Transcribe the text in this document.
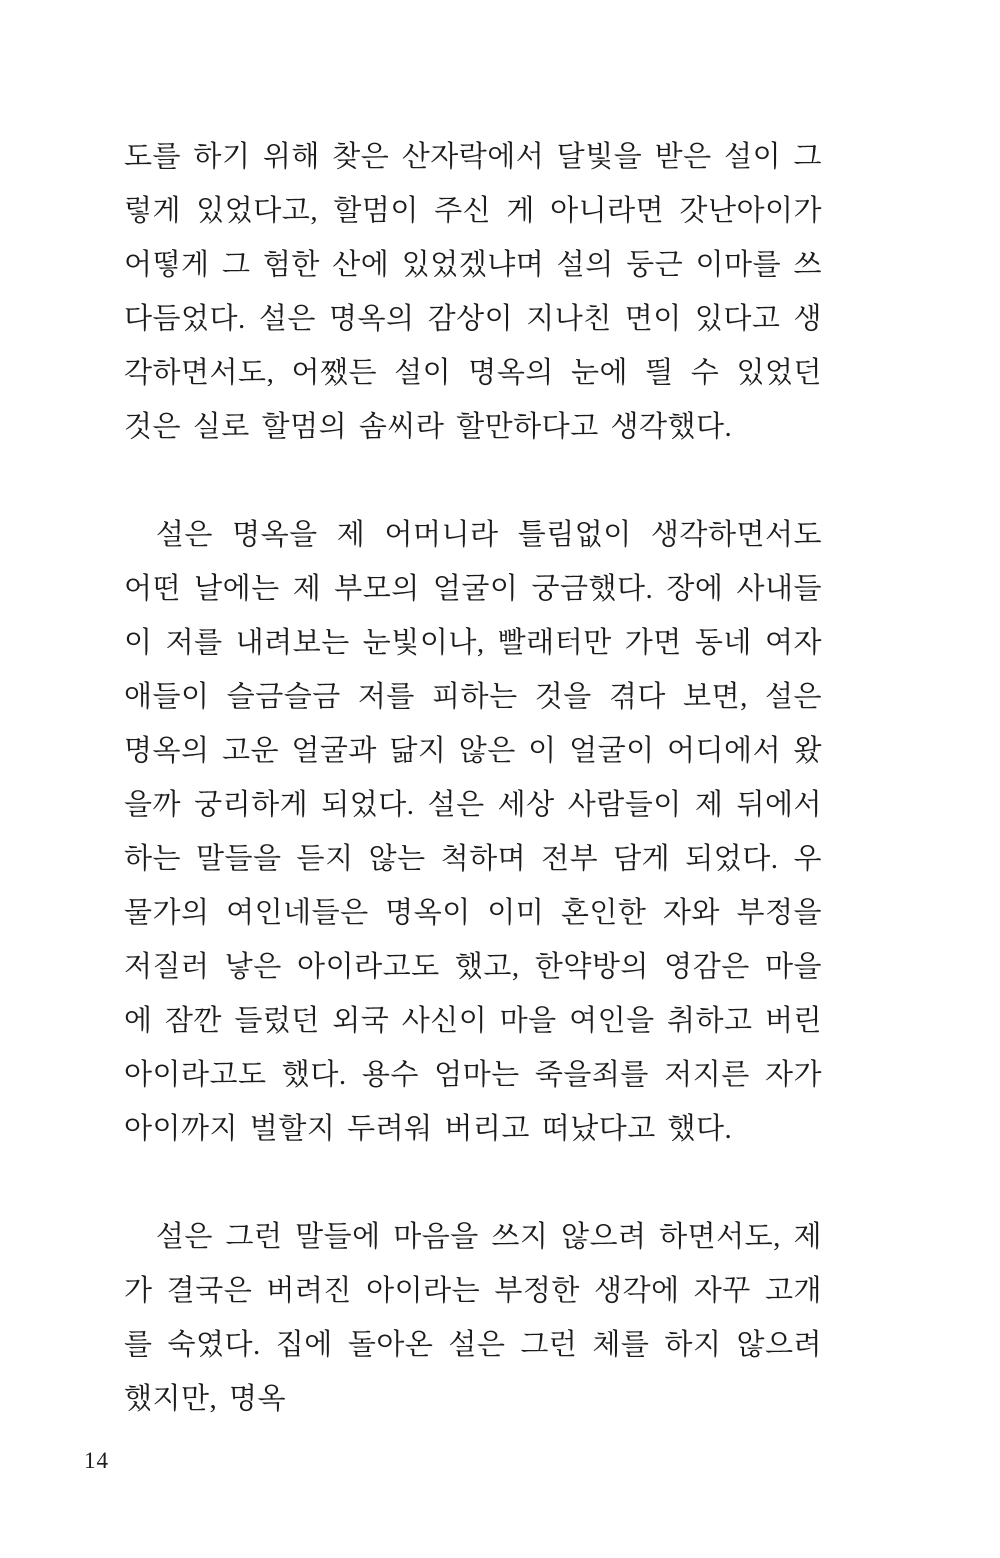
도를 하기 위해 찾은 산자락에서 달빛을 받은 설이 그렇게 있었다고, 할멈이 주신 게 아니라면 갓난아이가 어떻게 그 험한 산에 있었겠냐며 설의 둥근 이마를 쓰다듬었다. 설은 명옥의 감상이 지나친 면이 있다고 생각하면서도, 어쨌든 설이 명옥의 눈에 띌 수 있었던 것은 실로 할멈의 솜씨라 할만하다고 생각했다.

설은 명옥을 제 어머니라 틀림없이 생각하면서도 어떤 날에는 제 부모의 얼굴이 궁금했다. 장에 사내들이 저를 내려보는 눈빛이나, 빨래터만 가면 동네 여자애들이 슬금슬금 저를 피하는 것을 겪다 보면, 설은 명옥의 고운 얼굴과 닮지 않은 이 얼굴이 어디에서 왔을까 궁리하게 되었다. 설은 세상 사람들이 제 뒤에서 하는 말들을 듣지 않는 척하며 전부 담게 되었다. 우물가의 여인네들은 명옥이 이미 혼인한 자와 부정을 저질러 낳은 아이라고도 했고, 한약방의 영감은 마을에 잠깐 들렀던 외국 사신이 마을 여인을 취하고 버린 아이라고도 했다. 용수 엄마는 죽을죄를 저지른 자가 아이까지 벌할지 두려워 버리고 떠났다고 했다.

설은 그런 말들에 마음을 쓰지 않으려 하면서도, 제가 결국은 버려진 아이라는 부정한 생각에 자꾸 고개를 숙였다. 집에 돌아온 설은 그런 체를 하지 않으려 했지만, 명옥

14
